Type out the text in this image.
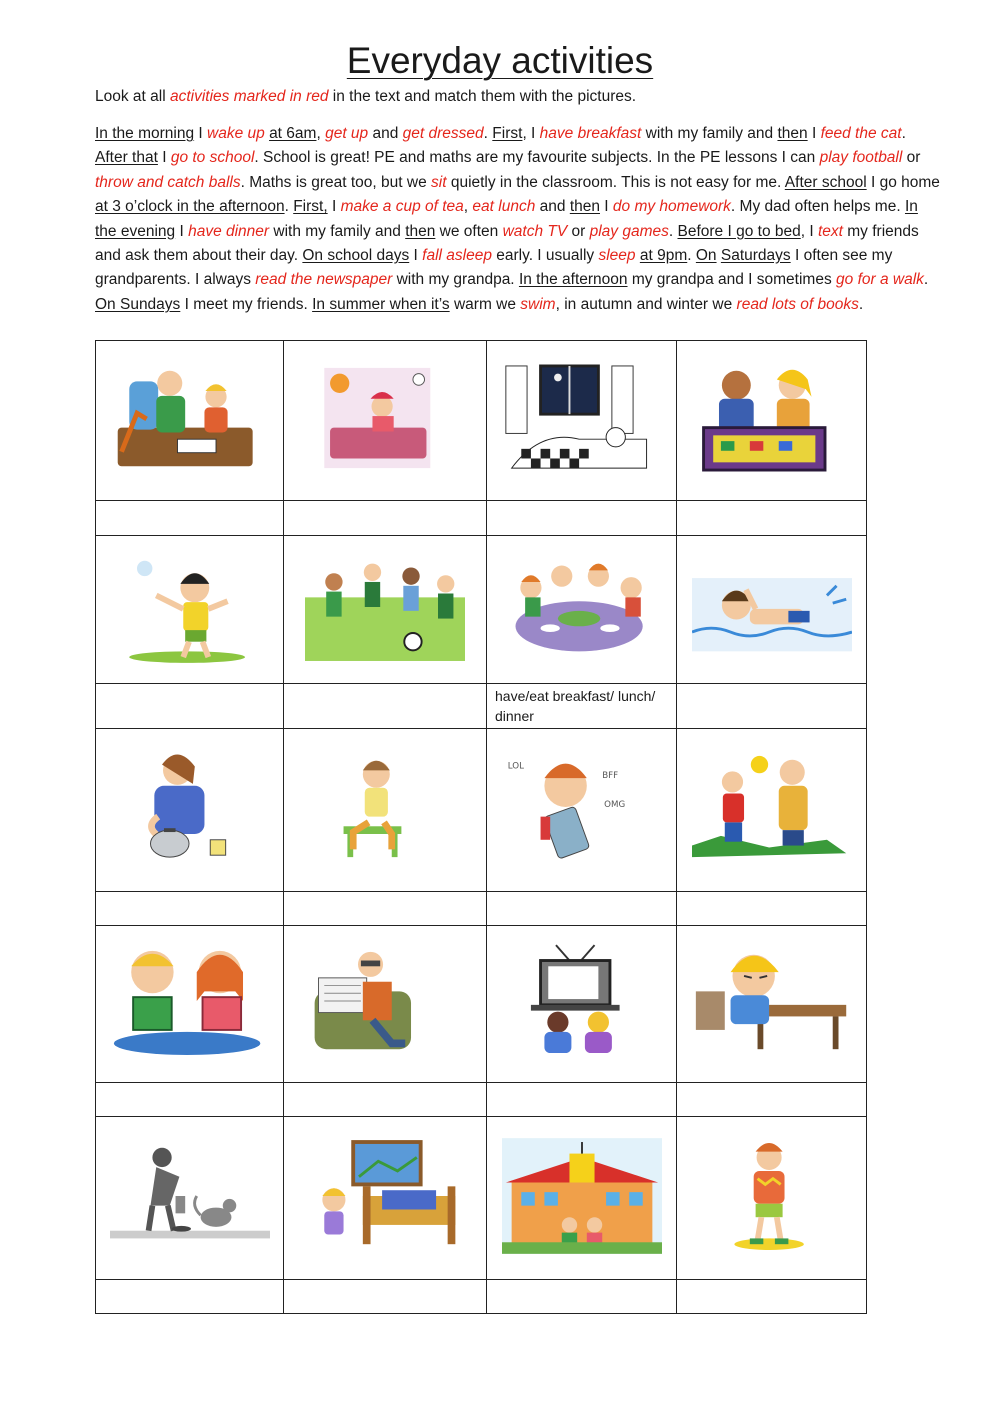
Everyday activities
Look at all activities marked in red in the text and match them with the pictures.
In the morning I wake up at 6am, get up and get dressed. First, I have breakfast with my family and then I feed the cat. After that I go to school. School is great! PE and maths are my favourite subjects. In the PE lessons I can play football or throw and catch balls. Maths is great too, but we sit quietly in the classroom. This is not easy for me. After school I go home at 3 o’clock in the afternoon. First, I make a cup of tea, eat lunch and then I do my homework. My dad often helps me. In the evening I have dinner with my family and then we often watch TV or play games. Before I go to bed, I text my friends and ask them about their day. On school days I fall asleep early. I usually sleep at 9pm. On Saturdays I often see my grandparents. I always read the newspaper with my grandpa. In the afternoon my grandpa and I sometimes go for a walk. On Sundays I meet my friends. In summer when it’s warm we swim, in autumn and winter we read lots of books.

		have/eat breakfast/ lunch/ dinner	

LOL
BFF
OMG
